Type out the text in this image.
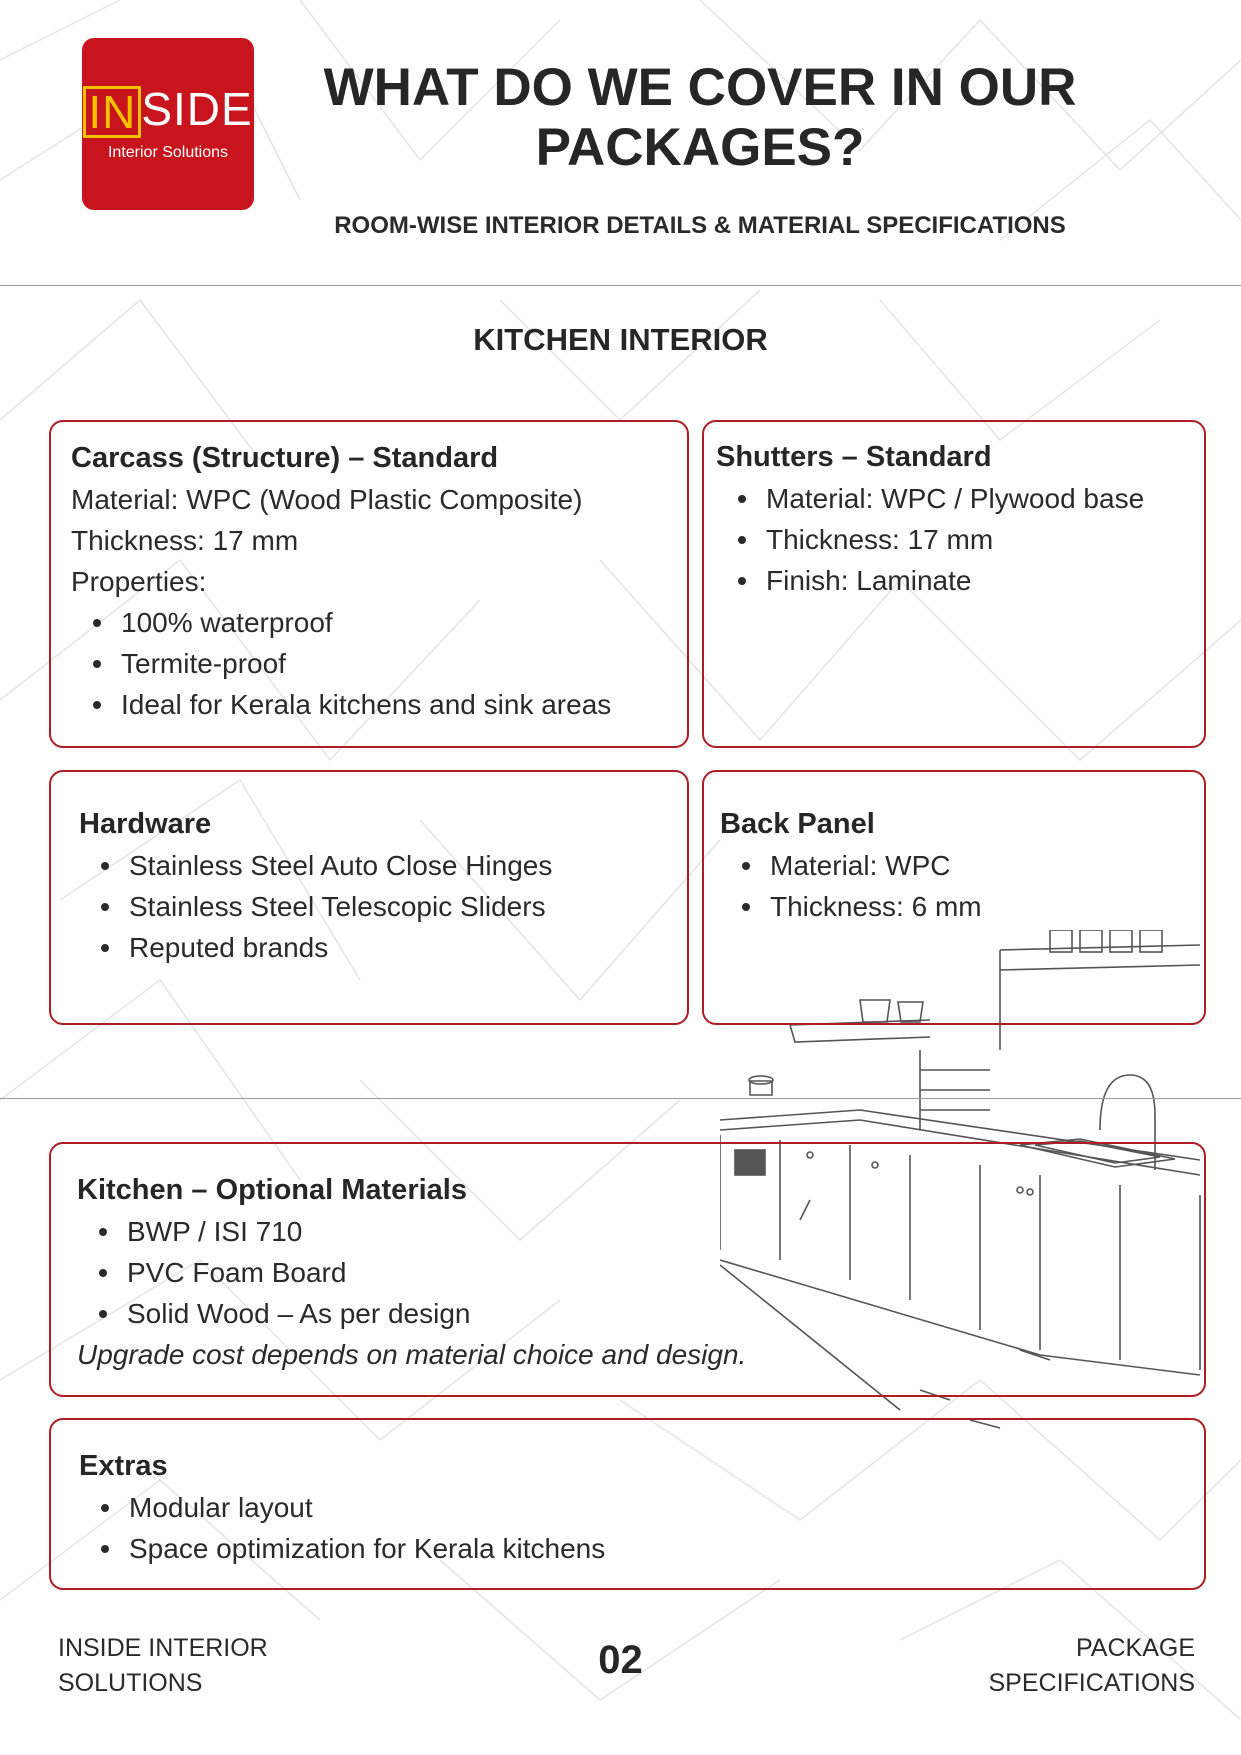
IN SIDE
Interior Solutions
WHAT DO WE COVER IN OUR PACKAGES?
ROOM-WISE INTERIOR DETAILS & MATERIAL SPECIFICATIONS
KITCHEN INTERIOR
Carcass (Structure) – Standard

Material: WPC (Wood Plastic Composite)

Thickness: 17 mm

Properties:

100% waterproof
Termite-proof
Ideal for Kerala kitchens and sink areas
Shutters – Standard
Material: WPC / Plywood base
Thickness: 17 mm
Finish: Laminate
Hardware
Stainless Steel Auto Close Hinges
Stainless Steel Telescopic Sliders
Reputed brands
Back Panel
Material: WPC
Thickness: 6 mm
Kitchen – Optional Materials
BWP / ISI 710
PVC Foam Board
Solid Wood – As per design

Upgrade cost depends on material choice and design.

Extras
Modular layout
Space optimization for Kerala kitchens
INSIDE INTERIOR
SOLUTIONS
02	PACKAGE
SPECIFICATIONS
